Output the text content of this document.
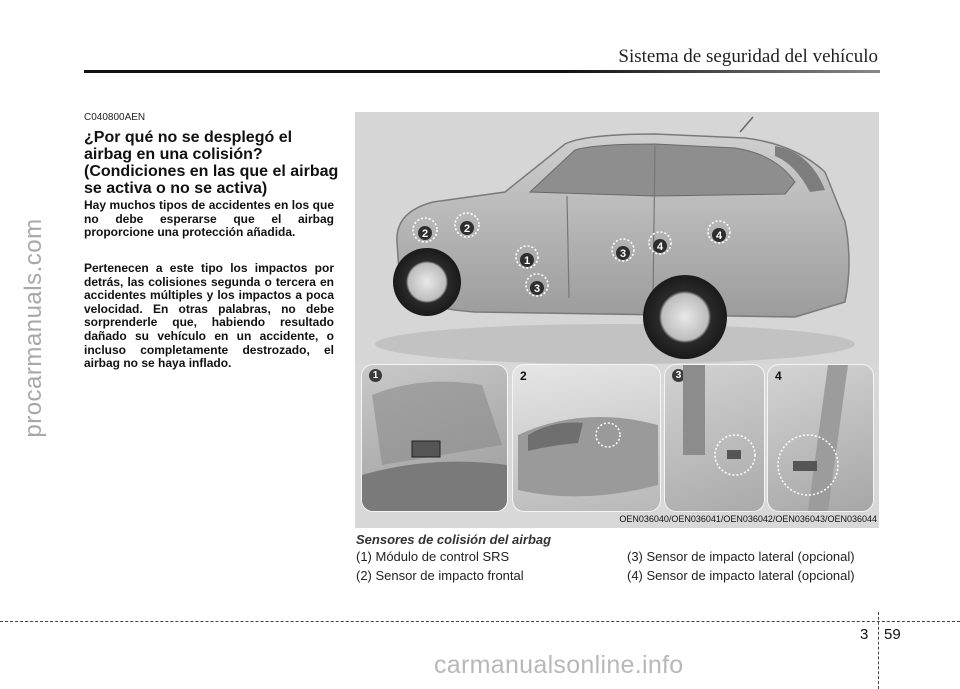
Sistema de seguridad del vehículo
procarmanuals.com
C040800AEN
¿Por qué no se desplegó el
airbag en una colisión?
(Condiciones en las que el airbag
se activa o no se activa)

Hay muchos tipos de accidentes en los que no debe esperarse que el airbag proporcione una protección añadida.

Pertenecen a este tipo los impactos por detrás, las colisiones segunda o tercera en accidentes múltiples y los impactos a poca velocidad. En otras palabras, no debe sorprenderle que, habiendo resultado dañado su vehículo en un accidente, o incluso completamente destrozado, el airbag no se haya inflado.

2	2
1
3
3
4
4
1	2	3	4
OEN036040/OEN036041/OEN036042/OEN036043/OEN036044
Sensores de colisión del airbag
(1) Módulo de control SRS
(2) Sensor de impacto frontal
(3) Sensor de impacto lateral (opcional)
(4) Sensor de impacto lateral (opcional)
3 59
carmanualsonline.info
